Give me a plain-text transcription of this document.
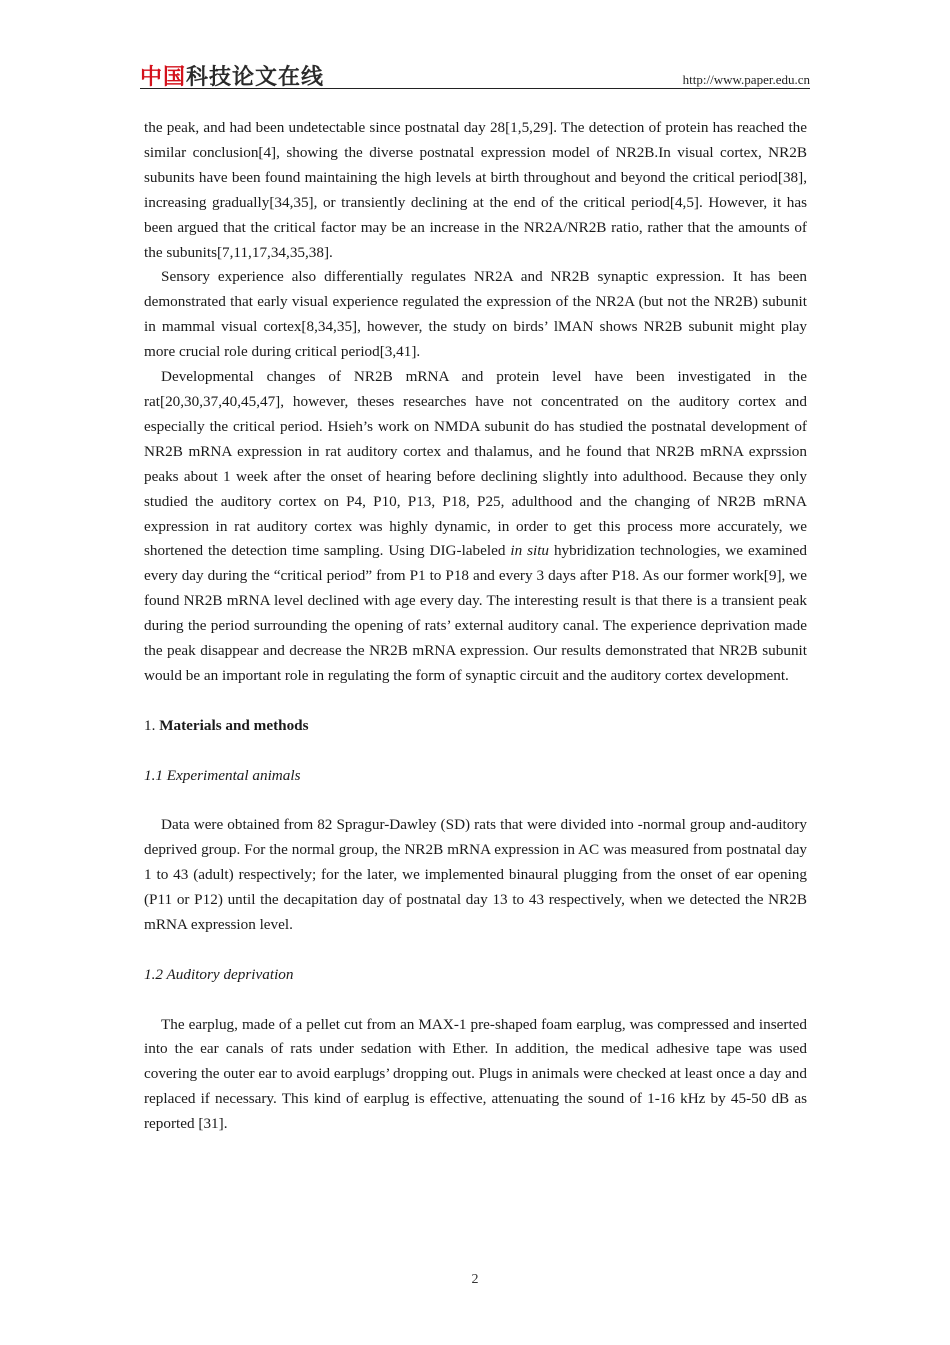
中国科技论文在线	http://www.paper.edu.cn

the peak, and had been undetectable since postnatal day 28[1,5,29]. The detection of protein has reached the similar conclusion[4], showing the diverse postnatal expression model of NR2B.In visual cortex, NR2B subunits have been found maintaining the high levels at birth throughout and beyond the critical period[38], increasing gradually[34,35], or transiently declining at the end of the critical period[4,5]. However, it has been argued that the critical factor may be an increase in the NR2A/NR2B ratio, rather that the amounts of the subunits[7,11,17,34,35,38].

Sensory experience also differentially regulates NR2A and NR2B synaptic expression. It has been demonstrated that early visual experience regulated the expression of the NR2A (but not the NR2B) subunit in mammal visual cortex[8,34,35], however, the study on birds’ lMAN shows NR2B subunit might play more crucial role during critical period[3,41].

Developmental changes of NR2B mRNA and protein level have been investigated in the rat[20,30,37,40,45,47], however, theses researches have not concentrated on the auditory cortex and especially the critical period. Hsieh’s work on NMDA subunit do has studied the postnatal development of NR2B mRNA expression in rat auditory cortex and thalamus, and he found that NR2B mRNA exprssion peaks about 1 week after the onset of hearing before declining slightly into adulthood. Because they only studied the auditory cortex on P4, P10, P13, P18, P25, adulthood and the changing of NR2B mRNA expression in rat auditory cortex was highly dynamic, in order to get this process more accurately, we shortened the detection time sampling. Using DIG-labeled in situ hybridization technologies, we examined every day during the “critical period” from P1 to P18 and every 3 days after P18. As our former work[9], we found NR2B mRNA level declined with age every day. The interesting result is that there is a transient peak during the period surrounding the opening of rats’ external auditory canal. The experience deprivation made the peak disappear and decrease the NR2B mRNA expression. Our results demonstrated that NR2B subunit would be an important role in regulating the form of synaptic circuit and the auditory cortex development.

1. Materials and methods

1.1 Experimental animals

Data were obtained from 82 Spragur-Dawley (SD) rats that were divided into -normal group and-auditory deprived group. For the normal group, the NR2B mRNA expression in AC was measured from postnatal day 1 to 43 (adult) respectively; for the later, we implemented binaural plugging from the onset of ear opening (P11 or P12) until the decapitation day of postnatal day 13 to 43 respectively, when we detected the NR2B mRNA expression level.

1.2 Auditory deprivation

The earplug, made of a pellet cut from an MAX-1 pre-shaped foam earplug, was compressed and inserted into the ear canals of rats under sedation with Ether. In addition, the medical adhesive tape was used covering the outer ear to avoid earplugs’ dropping out. Plugs in animals were checked at least once a day and replaced if necessary. This kind of earplug is effective, attenuating the sound of 1-16 kHz by 45-50 dB as reported [31].

2
